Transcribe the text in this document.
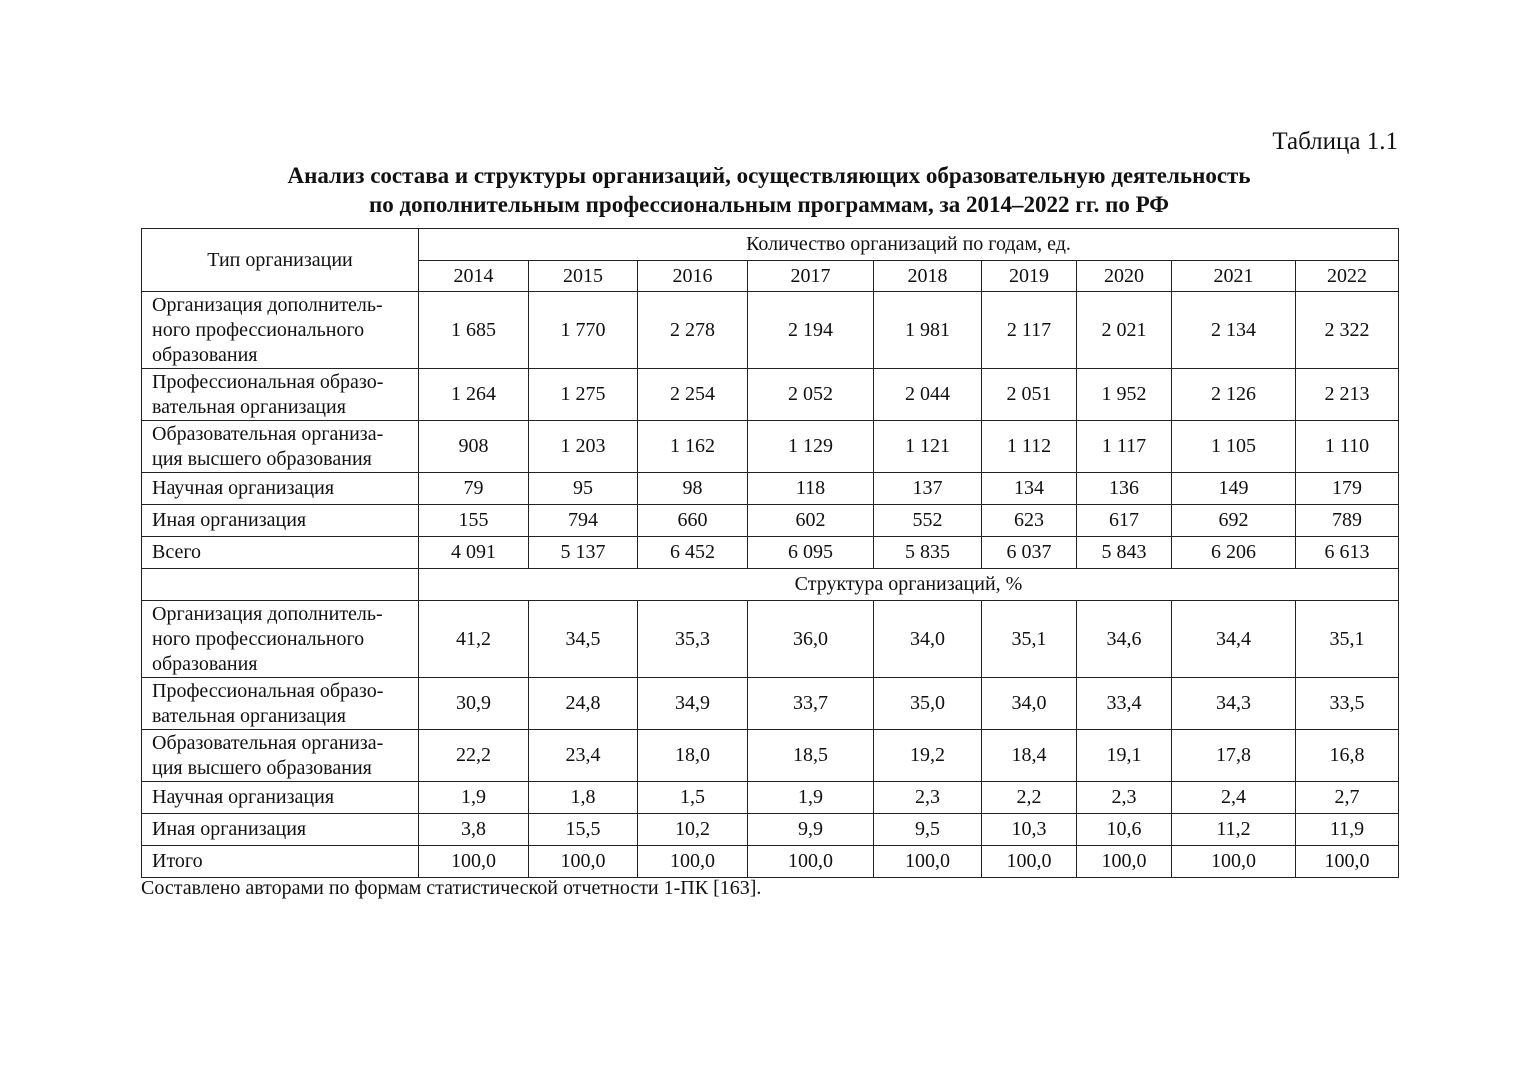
Таблица 1.1
Анализ состава и структуры организаций, осуществляющих образовательную деятельность
по дополнительным профессиональным программам, за 2014–2022 гг. по РФ
Тип организации	Количество организаций по годам, ед.								
	2014	2015	2016	2017	2018	2019	2020	2021	2022

Организация дополнитель-
ного профессионального
образования	1 685	1 770	2 278	2 194	1 981	2 117	2 021	2 134	2 322

Профессиональная образо-
вательная организация	1 264	1 275	2 254	2 052	2 044	2 051	1 952	2 126	2 213

Образовательная организа-
ция высшего образования	908	1 203	1 162	1 129	1 121	1 112	1 117	1 105	1 110

Научная организация	79	95	98	118	137	134	136	149	179

Иная организация	155	794	660	602	552	623	617	692	789

Всего	4 091	5 137	6 452	6 095	5 835	6 037	5 843	6 206	6 613
	Структура организаций, %								

Организация дополнитель-
ного профессионального
образования	41,2	34,5	35,3	36,0	34,0	35,1	34,6	34,4	35,1

Профессиональная образо-
вательная организация	30,9	24,8	34,9	33,7	35,0	34,0	33,4	34,3	33,5

Образовательная организа-
ция высшего образования	22,2	23,4	18,0	18,5	19,2	18,4	19,1	17,8	16,8

Научная организация	1,9	1,8	1,5	1,9	2,3	2,2	2,3	2,4	2,7

Иная организация	3,8	15,5	10,2	9,9	9,5	10,3	10,6	11,2	11,9

Итого	100,0	100,0	100,0	100,0	100,0	100,0	100,0	100,0	100,0
Составлено авторами по формам статистической отчетности 1-ПК [163].
